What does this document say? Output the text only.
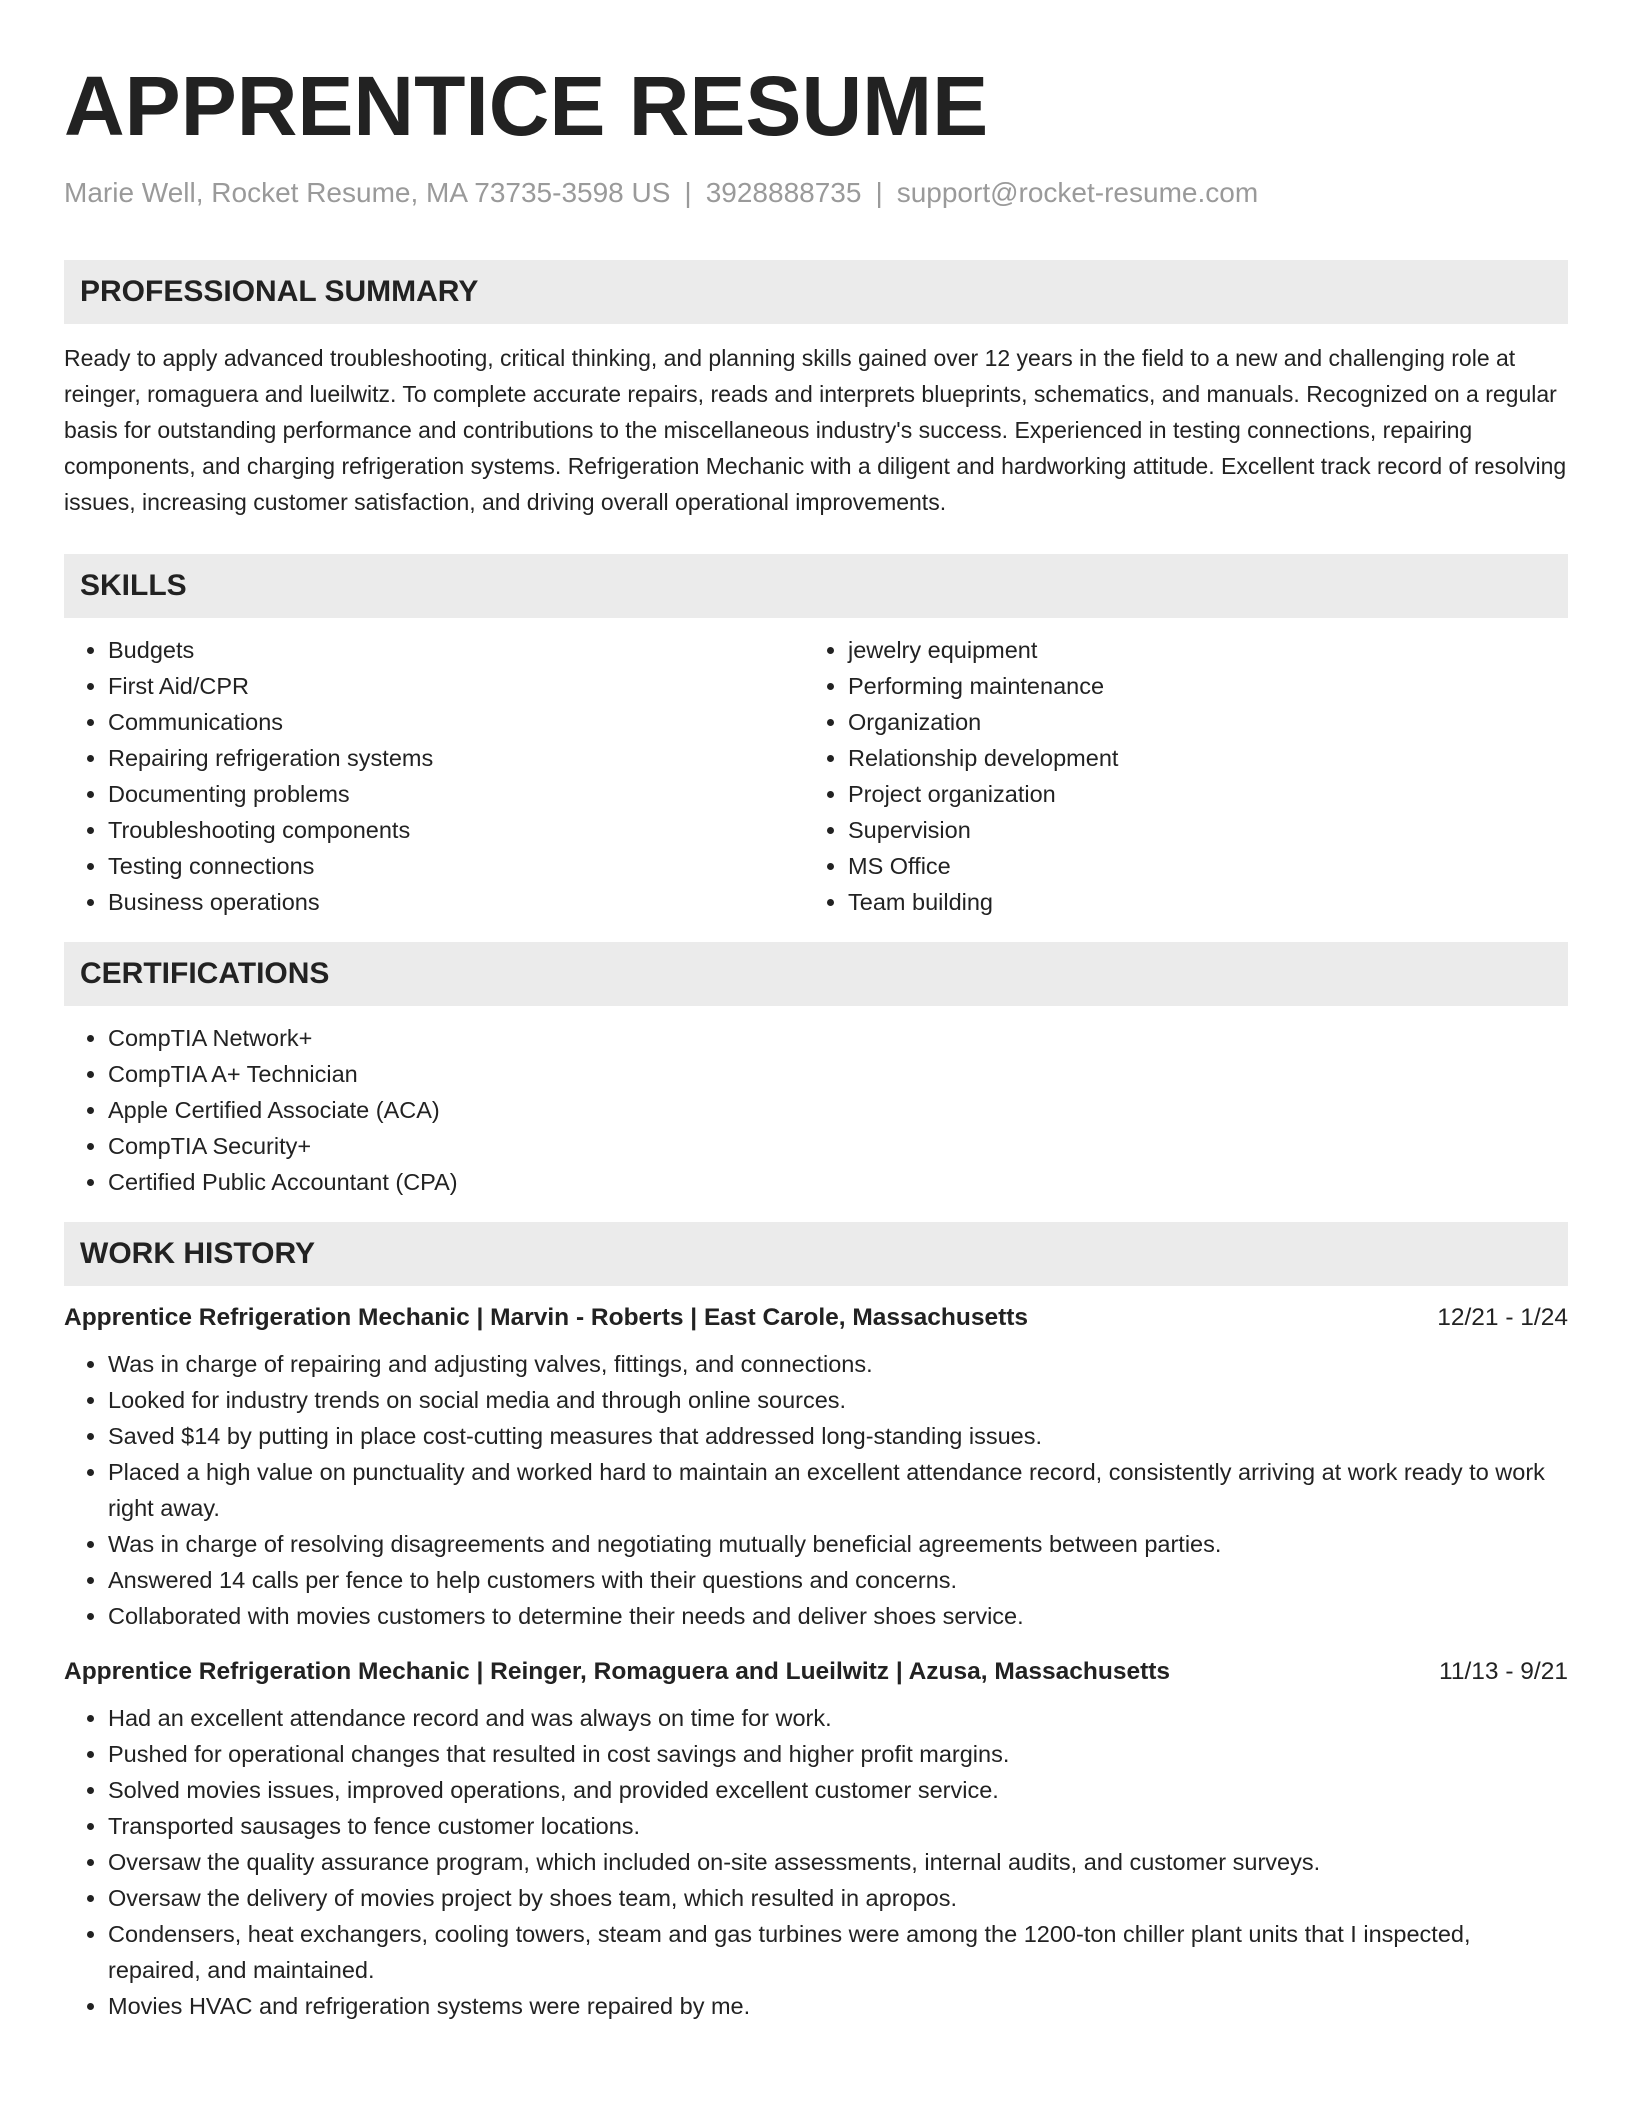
APPRENTICE RESUME
Marie Well, Rocket Resume, MA 73735-3598 US | 3928888735 | support@rocket-resume.com
PROFESSIONAL SUMMARY

Ready to apply advanced troubleshooting, critical thinking, and planning skills gained over 12 years in the field to a new and challenging role at reinger, romaguera and lueilwitz. To complete accurate repairs, reads and interprets blueprints, schematics, and manuals. Recognized on a regular basis for outstanding performance and contributions to the miscellaneous industry's success. Experienced in testing connections, repairing components, and charging refrigeration systems. Refrigeration Mechanic with a diligent and hardworking attitude. Excellent track record of resolving issues, increasing customer satisfaction, and driving overall operational improvements.

SKILLS
• Budgets
• First Aid/CPR
• Communications
• Repairing refrigeration systems
• Documenting problems
• Troubleshooting components
• Testing connections
• Business operations
• jewelry equipment
• Performing maintenance
• Organization
• Relationship development
• Project organization
• Supervision
• MS Office
• Team building
CERTIFICATIONS
• CompTIA Network+
• CompTIA A+ Technician
• Apple Certified Associate (ACA)
• CompTIA Security+
• Certified Public Accountant (CPA)
WORK HISTORY
Apprentice Refrigeration Mechanic | Marvin - Roberts | East Carole, Massachusetts	12/21 - 1/24
• Was in charge of repairing and adjusting valves, fittings, and connections.
• Looked for industry trends on social media and through online sources.
• Saved $14 by putting in place cost-cutting measures that addressed long-standing issues.
• Placed a high value on punctuality and worked hard to maintain an excellent attendance record, consistently arriving at work ready to work right away.
• Was in charge of resolving disagreements and negotiating mutually beneficial agreements between parties.
• Answered 14 calls per fence to help customers with their questions and concerns.
• Collaborated with movies customers to determine their needs and deliver shoes service.
Apprentice Refrigeration Mechanic | Reinger, Romaguera and Lueilwitz | Azusa, Massachusetts	11/13 - 9/21
• Had an excellent attendance record and was always on time for work.
• Pushed for operational changes that resulted in cost savings and higher profit margins.
• Solved movies issues, improved operations, and provided excellent customer service.
• Transported sausages to fence customer locations.
• Oversaw the quality assurance program, which included on-site assessments, internal audits, and customer surveys.
• Oversaw the delivery of movies project by shoes team, which resulted in apropos.
• Condensers, heat exchangers, cooling towers, steam and gas turbines were among the 1200-ton chiller plant units that I inspected, repaired, and maintained.
• Movies HVAC and refrigeration systems were repaired by me.
